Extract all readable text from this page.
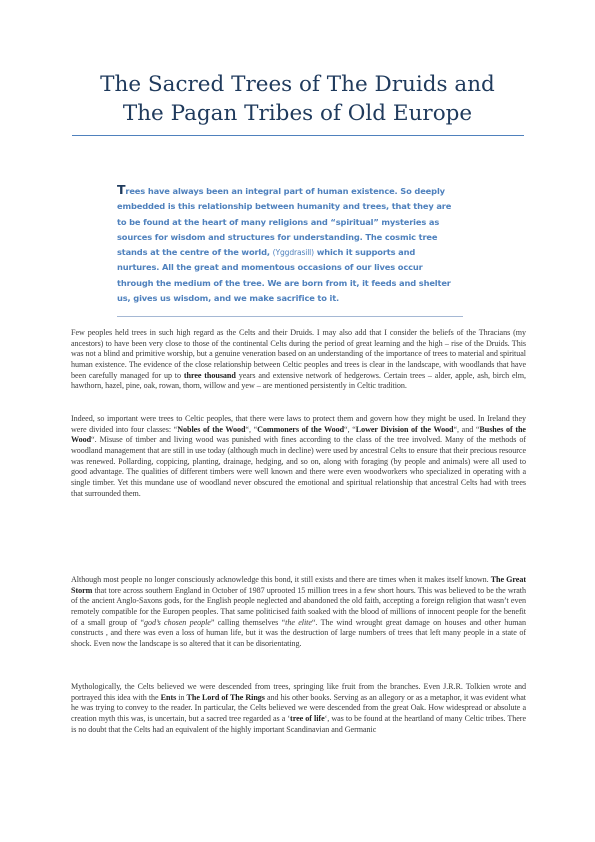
The Sacred Trees of The Druids and
The Pagan Tribes of Old Europe
Trees have always been an integral part of human existence. So deeply embedded is this relationship between humanity and trees, that they are to be found at the heart of many religions and “spiritual” mysteries as sources for wisdom and structures for understanding. The cosmic tree stands at the centre of the world, (Yggdrasill) which it supports and nurtures. All the great and momentous occasions of our lives occur through the medium of the tree. We are born from it, it feeds and shelter us, gives us wisdom, and we make sacrifice to it.

Few peoples held trees in such high regard as the Celts and their Druids. I may also add that I consider the beliefs of the Thracians (my ancestors) to have been very close to those of the continental Celts during the period of great learning and the high – rise of the Druids. This was not a blind and primitive worship, but a genuine veneration based on an understanding of the importance of trees to material and spiritual human existence. The evidence of the close relationship between Celtic peoples and trees is clear in the landscape, with woodlands that have been carefully managed for up to three thousand years and extensive network of hedgerows. Certain trees – alder, apple, ash, birch elm, hawthorn, hazel, pine, oak, rowan, thorn, willow and yew – are mentioned persistently in Celtic tradition.

Indeed, so important were trees to Celtic peoples, that there were laws to protect them and govern how they might be used. In Ireland they were divided into four classes: “Nobles of the Wood“, “Commoners of the Wood“, “Lower Division of the Wood“, and “Bushes of the Wood“. Misuse of timber and living wood was punished with fines according to the class of the tree involved. Many of the methods of woodland management that are still in use today (although much in decline) were used by ancestral Celts to ensure that their precious resource was renewed. Pollarding, coppicing, planting, drainage, hedging, and so on, along with foraging (by people and animals) were all used to good advantage. The qualities of different timbers were well known and there were even woodworkers who specialized in operating with a single timber. Yet this mundane use of woodland never obscured the emotional and spiritual relationship that ancestral Celts had with trees that surrounded them.

Although most people no longer consciously acknowledge this bond, it still exists and there are times when it makes itself known. The Great Storm that tore across southern England in October of 1987 uprooted 15 million trees in a few short hours. This was believed to be the wrath of the ancient Anglo-Saxons gods, for the English people neglected and abandoned the old faith, accepting a foreign religion that wasn’t even remotely compatible for the Europen peoples. That same politicised faith soaked with the blood of millions of innocent people for the benefit of a small group of “god’s chosen people” calling themselves “the elite“. The wind wrought great damage on houses and other human constructs , and there was even a loss of human life, but it was the destruction of large numbers of trees that left many people in a state of shock. Even now the landscape is so altered that it can be disorientating.

Mythologically, the Celts believed we were descended from trees, springing like fruit from the branches. Even J.R.R. Tolkien wrote and portrayed this idea with the Ents in The Lord of The Rings and his other books. Serving as an allegory or as a metaphor, it was evident what he was trying to convey to the reader. In particular, the Celts believed we were descended from the great Oak. How widespread or absolute a creation myth this was, is uncertain, but a sacred tree regarded as a ‘tree of life‘, was to be found at the heartland of many Celtic tribes. There is no doubt that the Celts had an equivalent of the highly important Scandinavian and Germanic
